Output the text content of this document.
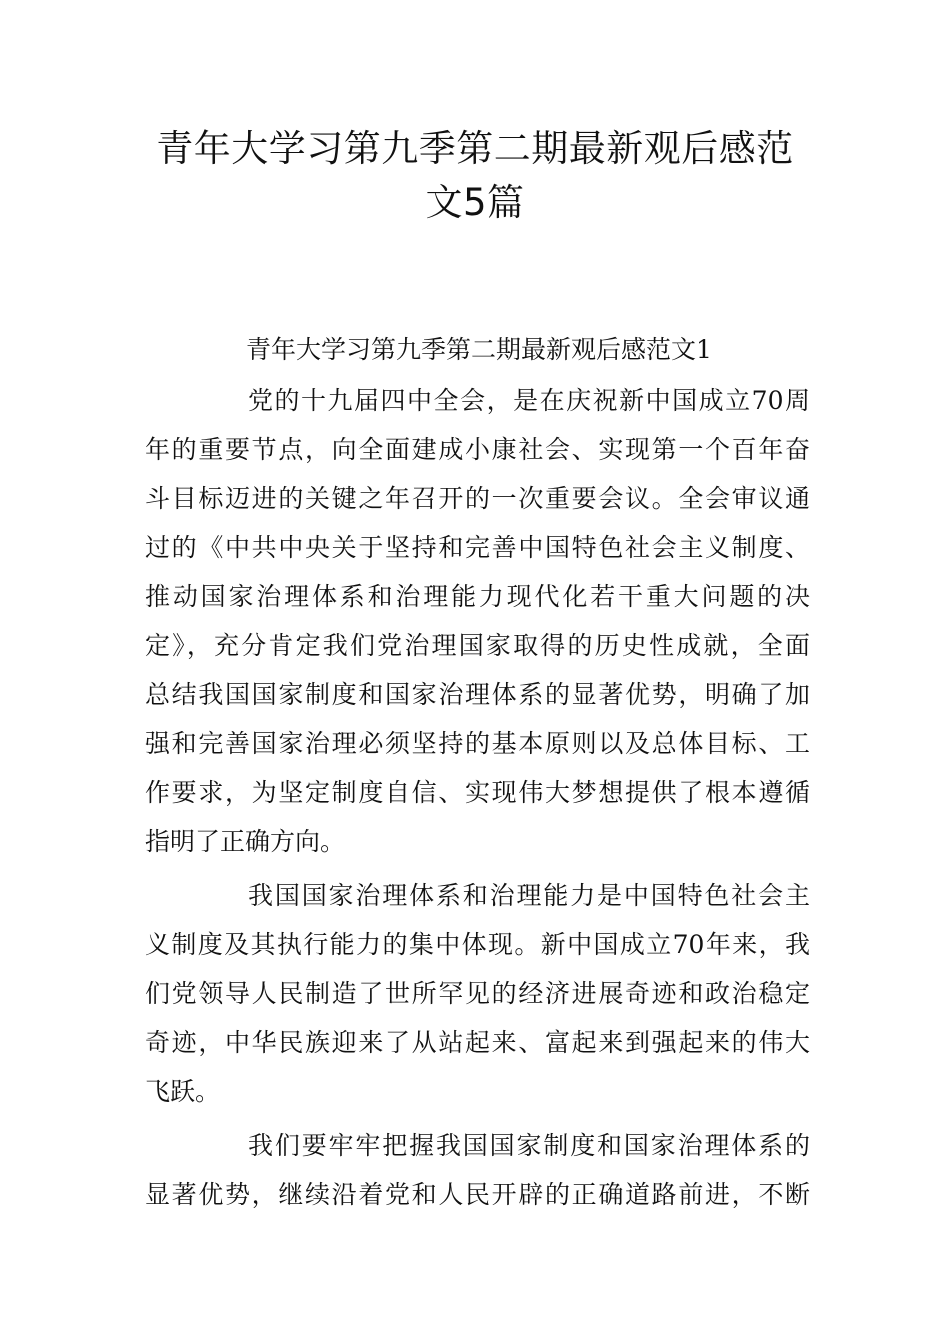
青年大学习第九季第二期最新观后感范
文5篇

青年大学习第九季第二期最新观后感范文1

党的十九届四中全会，是在庆祝新中国成立70周
年的重要节点，向全面建成小康社会、实现第一个百年奋
斗目标迈进的关键之年召开的一次重要会议。全会审议通
过的《中共中央关于坚持和完善中国特色社会主义制度、
推动国家治理体系和治理能力现代化若干重大问题的决
定》，充分肯定我们党治理国家取得的历史性成就，全面
总结我国国家制度和国家治理体系的显著优势，明确了加
强和完善国家治理必须坚持的基本原则以及总体目标、工
作要求，为坚定制度自信、实现伟大梦想提供了根本遵循
指明了正确方向。
我国国家治理体系和治理能力是中国特色社会主
义制度及其执行能力的集中体现。新中国成立70年来，我
们党领导人民制造了世所罕见的经济进展奇迹和政治稳定
奇迹，中华民族迎来了从站起来、富起来到强起来的伟大
飞跃。
我们要牢牢把握我国国家制度和国家治理体系的
显著优势，继续沿着党和人民开辟的正确道路前进，不断
